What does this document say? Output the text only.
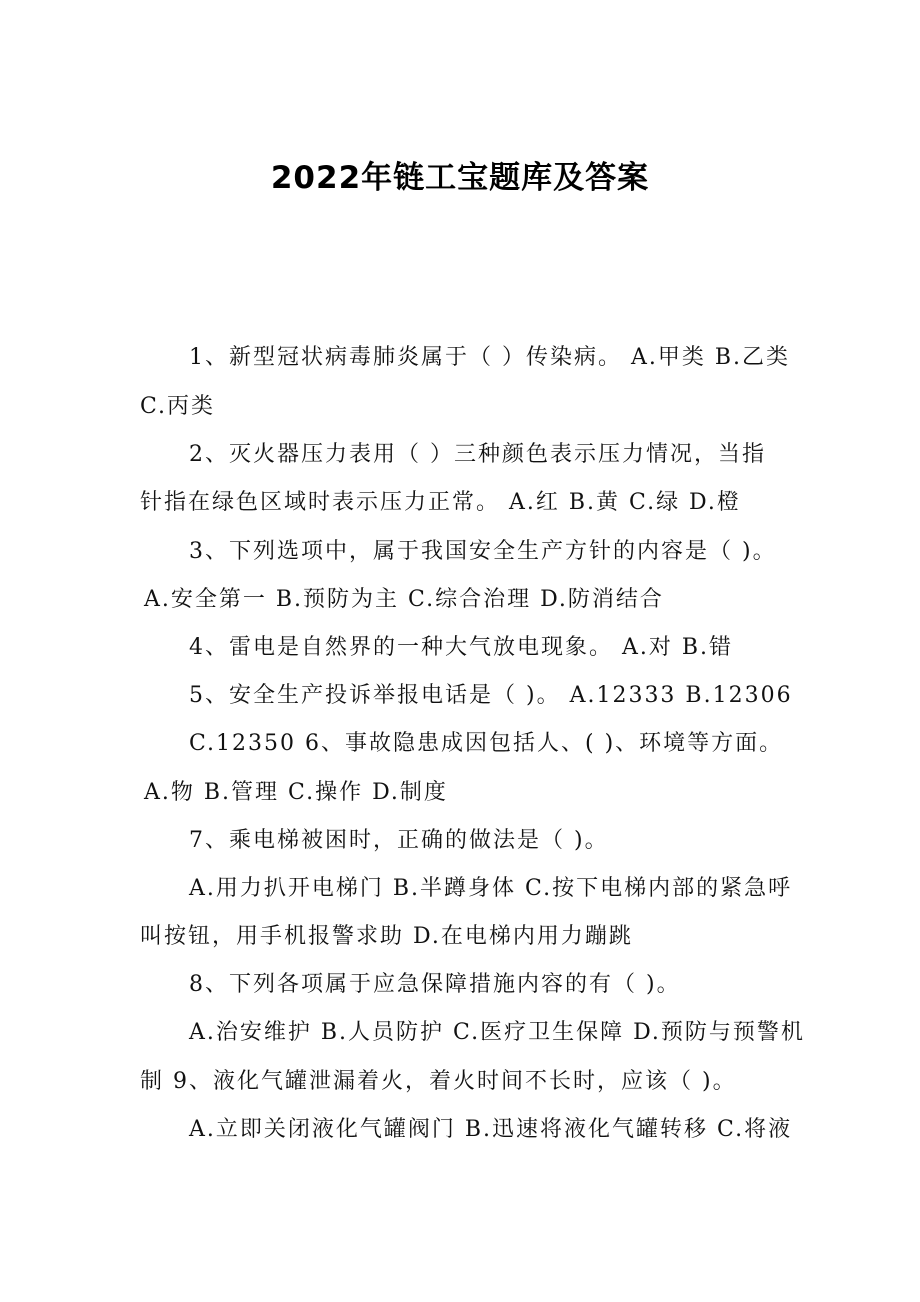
2022年链工宝题库及答案
1、新型冠状病毒肺炎属于（ ）传染病。 A.甲类 B.乙类
C.丙类
2、灭火器压力表用（ ）三种颜色表示压力情况，当指
针指在绿色区域时表示压力正常。 A.红 B.黄 C.绿 D.橙
3、下列选项中，属于我国安全生产方针的内容是（ )。
A.安全第一 B.预防为主 C.综合治理 D.防消结合
4、雷电是自然界的一种大气放电现象。 A.对 B.错
5、安全生产投诉举报电话是（ )。 A.12333 B.12306
C.12350 6、事故隐患成因包括人、( )、环境等方面。
A.物 B.管理 C.操作 D.制度
7、乘电梯被困时，正确的做法是（ )。
A.用力扒开电梯门 B.半蹲身体 C.按下电梯内部的紧急呼
叫按钮，用手机报警求助 D.在电梯内用力蹦跳
8、下列各项属于应急保障措施内容的有（ )。
A.治安维护 B.人员防护 C.医疗卫生保障 D.预防与预警机
制 9、液化气罐泄漏着火，着火时间不长时，应该（ )。
A.立即关闭液化气罐阀门 B.迅速将液化气罐转移 C.将液
